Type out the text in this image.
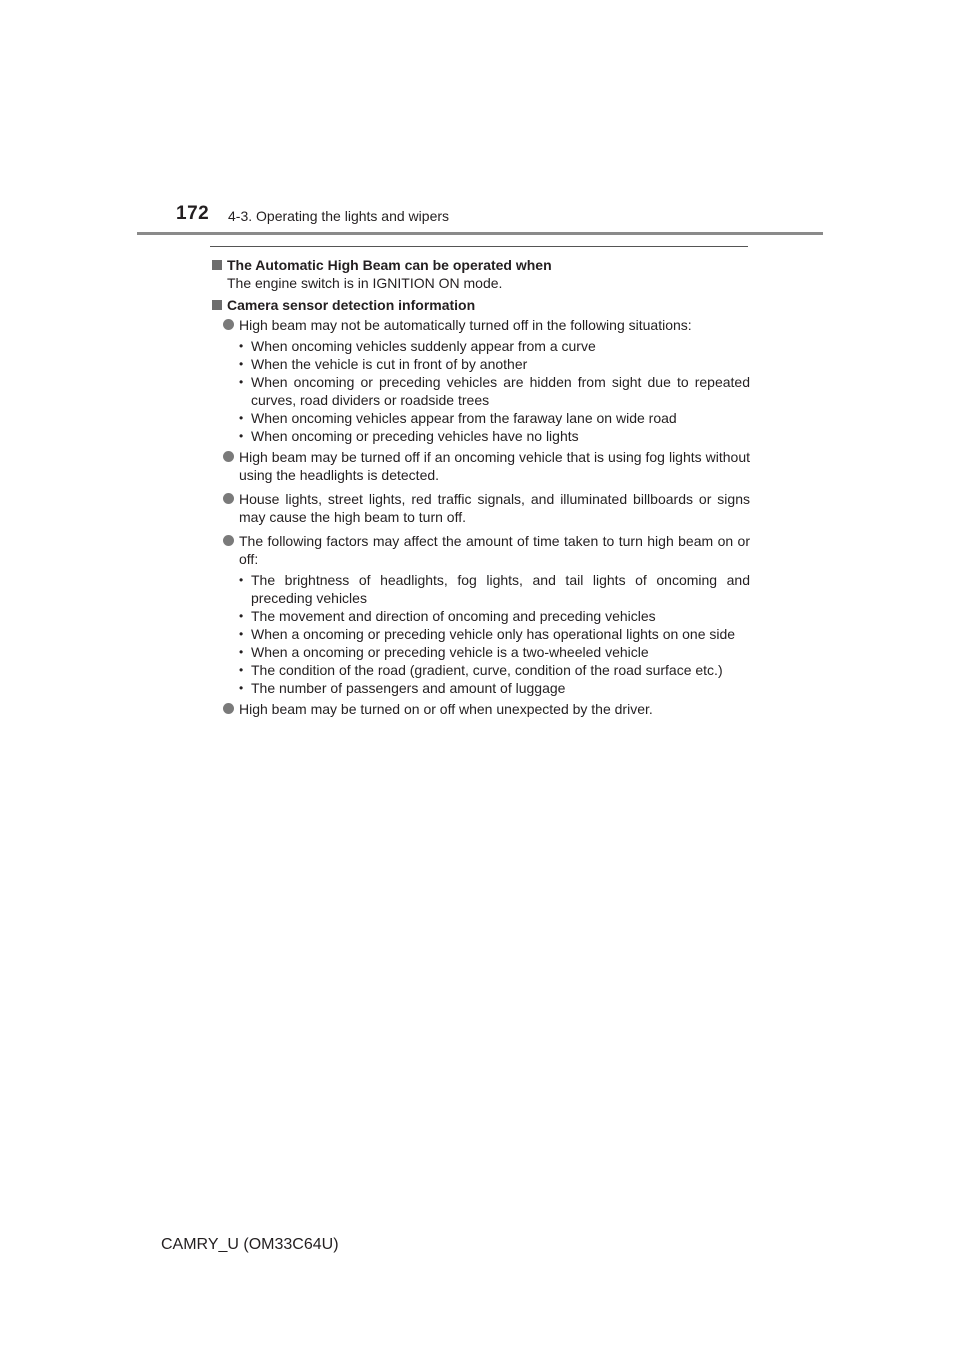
172 4-3. Operating the lights and wipers
The Automatic High Beam can be operated when
The engine switch is in IGNITION ON mode.
Camera sensor detection information
High beam may not be automatically turned off in the following situations:
• When oncoming vehicles suddenly appear from a curve
• When the vehicle is cut in front of by another
• When oncoming or preceding vehicles are hidden from sight due to repeated curves, road dividers or roadside trees
• When oncoming vehicles appear from the faraway lane on wide road
• When oncoming or preceding vehicles have no lights
High beam may be turned off if an oncoming vehicle that is using fog lights without using the headlights is detected.
House lights, street lights, red traffic signals, and illuminated billboards or signs may cause the high beam to turn off.
The following factors may affect the amount of time taken to turn high beam on or off:
• The brightness of headlights, fog lights, and tail lights of oncoming and preceding vehicles
• The movement and direction of oncoming and preceding vehicles
• When a oncoming or preceding vehicle only has operational lights on one side
• When a oncoming or preceding vehicle is a two-wheeled vehicle
• The condition of the road (gradient, curve, condition of the road surface etc.)
• The number of passengers and amount of luggage
High beam may be turned on or off when unexpected by the driver.
CAMRY_U (OM33C64U)
